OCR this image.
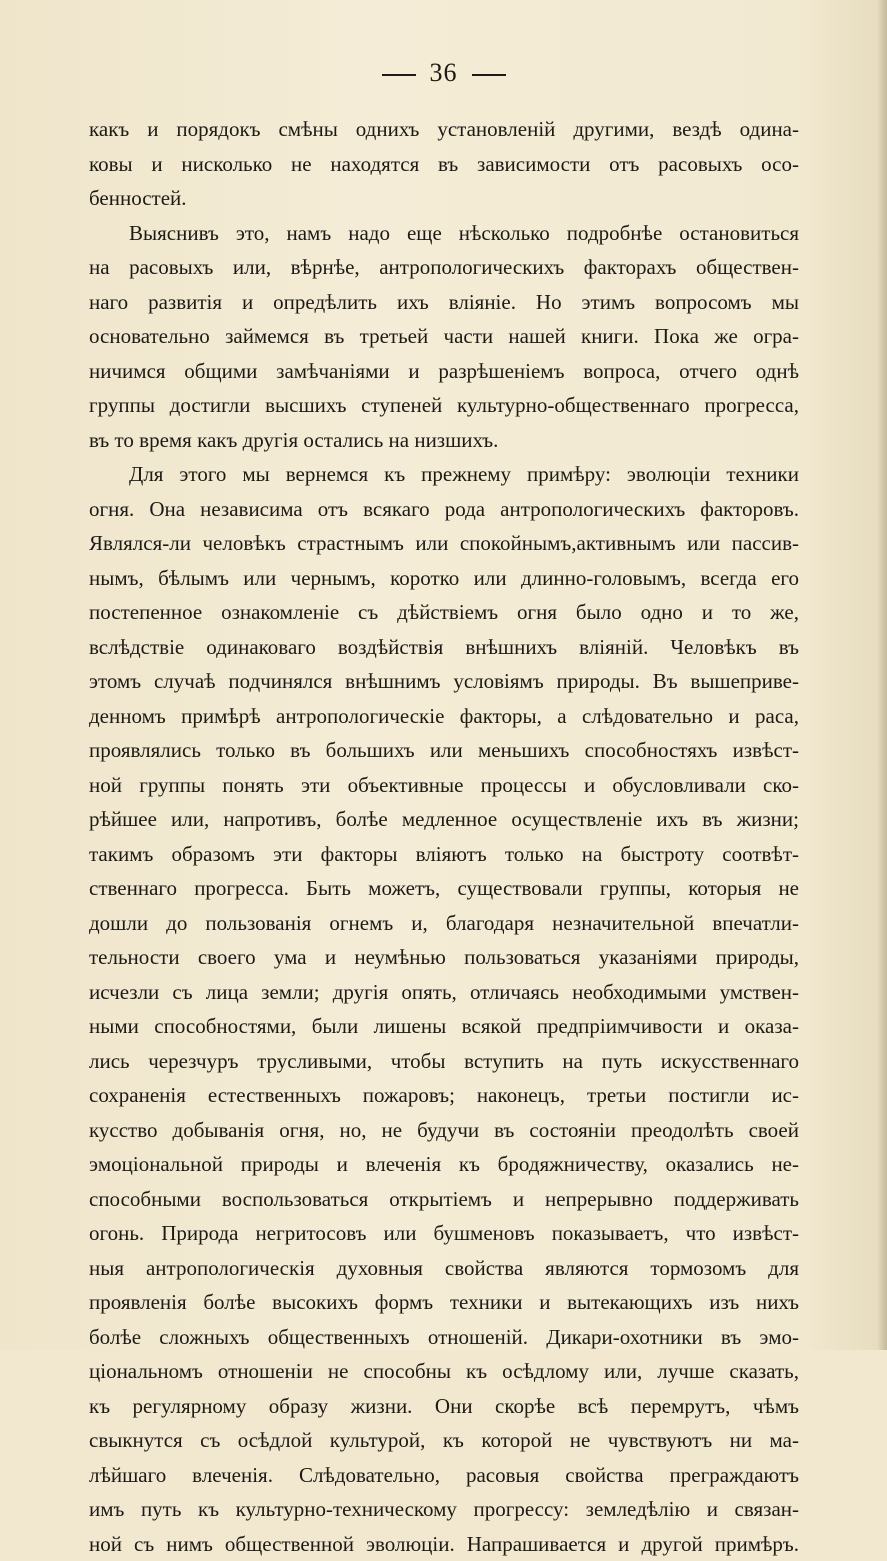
36
какъ и порядокъ смѣны однихъ установленій другими, вездѣ одина-
ковы и нисколько не находятся въ зависимости отъ расовыхъ осо-
бенностей.
Выяснивъ это, намъ надо еще нѣсколько подробнѣе остановиться
на расовыхъ или, вѣрнѣе, антропологическихъ факторахъ обществен-
наго развитія и опредѣлить ихъ вліяніе. Но этимъ вопросомъ мы
основательно займемся въ третьей части нашей книги. Пока же огра-
ничимся общими замѣчаніями и разрѣшеніемъ вопроса, отчего однѣ
группы достигли высшихъ ступеней культурно-общественнаго прогресса,
въ то время какъ другія остались на низшихъ.
Для этого мы вернемся къ прежнему примѣру: эволюціи техники
огня. Она независима отъ всякаго рода антропологическихъ факторовъ.
Являлся-ли человѣкъ страстнымъ или спокойнымъ,активнымъ или пассив-
нымъ, бѣлымъ или чернымъ, коротко или длинно-головымъ, всегда его
постепенное ознакомленіе съ дѣйствіемъ огня было одно и то же,
вслѣдствіе одинаковаго воздѣйствія внѣшнихъ вліяній. Человѣкъ въ
этомъ случаѣ подчинялся внѣшнимъ условіямъ природы. Въ вышеприве-
денномъ примѣрѣ антропологическіе факторы, а слѣдовательно и раса,
проявлялись только въ большихъ или меньшихъ способностяхъ извѣст-
ной группы понять эти объективные процессы и обусловливали ско-
рѣйшее или, напротивъ, болѣе медленное осуществленіе ихъ въ жизни;
такимъ образомъ эти факторы вліяютъ только на быстроту соотвѣт-
ственнаго прогресса. Быть можетъ, существовали группы, которыя не
дошли до пользованія огнемъ и, благодаря незначительной впечатли-
тельности своего ума и неумѣнью пользоваться указаніями природы,
исчезли съ лица земли; другія опять, отличаясь необходимыми умствен-
ными способностями, были лишены всякой предпріимчивости и оказа-
лись черезчуръ трусливыми, чтобы вступить на путь искусственнаго
сохраненія естественныхъ пожаровъ; наконецъ, третьи постигли ис-
кусство добыванія огня, но, не будучи въ состояніи преодолѣть своей
эмоціональной природы и влеченія къ бродяжничеству, оказались не-
способными воспользоваться открытіемъ и непрерывно поддерживать
огонь. Природа негритосовъ или бушменовъ показываетъ, что извѣст-
ныя антропологическія духовныя свойства являются тормозомъ для
проявленія болѣе высокихъ формъ техники и вытекающихъ изъ нихъ
болѣе сложныхъ общественныхъ отношеній. Дикари-охотники въ эмо-
ціональномъ отношеніи не способны къ осѣдлому или, лучше сказать,
къ регулярному образу жизни. Они скорѣе всѣ перемрутъ, чѣмъ
свыкнутся съ осѣдлой культурой, къ которой не чувствуютъ ни ма-
лѣйшаго влеченія. Слѣдовательно, расовыя свойства преграждаютъ
имъ путь къ культурно-техническому прогрессу: земледѣлію и связан-
ной съ нимъ общественной эволюціи. Напрашивается и другой примѣръ.
